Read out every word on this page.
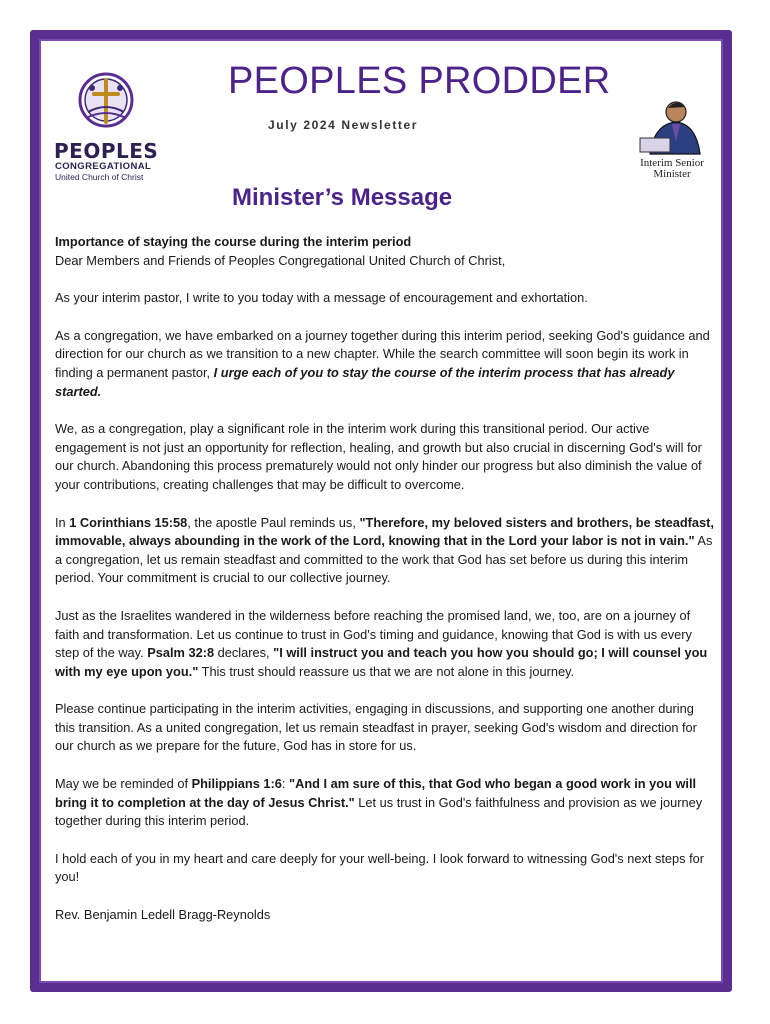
PEOPLES
CONGREGATIONAL
United Church of Christ
PEOPLES PRODDER
July 2024 Newsletter
Interim Senior
Minister
Minister’s Message

Importance of staying the course during the interim period

Dear Members and Friends of Peoples Congregational United Church of Christ,

As your interim pastor, I write to you today with a message of encouragement and exhortation.

As a congregation, we have embarked on a journey together during this interim period, seeking God's guidance and direction for our church as we transition to a new chapter. While the search committee will soon begin its work in finding a permanent pastor, I urge each of you to stay the course of the interim process that has already started.

We, as a congregation, play a significant role in the interim work during this transitional period. Our active engagement is not just an opportunity for reflection, healing, and growth but also crucial in discerning God's will for our church. Abandoning this process prematurely would not only hinder our progress but also diminish the value of your contributions, creating challenges that may be difficult to overcome.

In 1 Corinthians 15:58, the apostle Paul reminds us, "Therefore, my beloved sisters and brothers, be steadfast, immovable, always abounding in the work of the Lord, knowing that in the Lord your labor is not in vain." As a congregation, let us remain steadfast and committed to the work that God has set before us during this interim period. Your commitment is crucial to our collective journey.

Just as the Israelites wandered in the wilderness before reaching the promised land, we, too, are on a journey of faith and transformation. Let us continue to trust in God's timing and guidance, knowing that God is with us every step of the way. Psalm 32:8 declares, "I will instruct you and teach you how you should go; I will counsel you with my eye upon you." This trust should reassure us that we are not alone in this journey.

Please continue participating in the interim activities, engaging in discussions, and supporting one another during this transition. As a united congregation, let us remain steadfast in prayer, seeking God's wisdom and direction for our church as we prepare for the future, God has in store for us.

May we be reminded of Philippians 1:6: "And I am sure of this, that God who began a good work in you will bring it to completion at the day of Jesus Christ." Let us trust in God's faithfulness and provision as we journey together during this interim period.

I hold each of you in my heart and care deeply for your well-being. I look forward to witnessing God's next steps for you!

Rev. Benjamin Ledell Bragg-Reynolds
